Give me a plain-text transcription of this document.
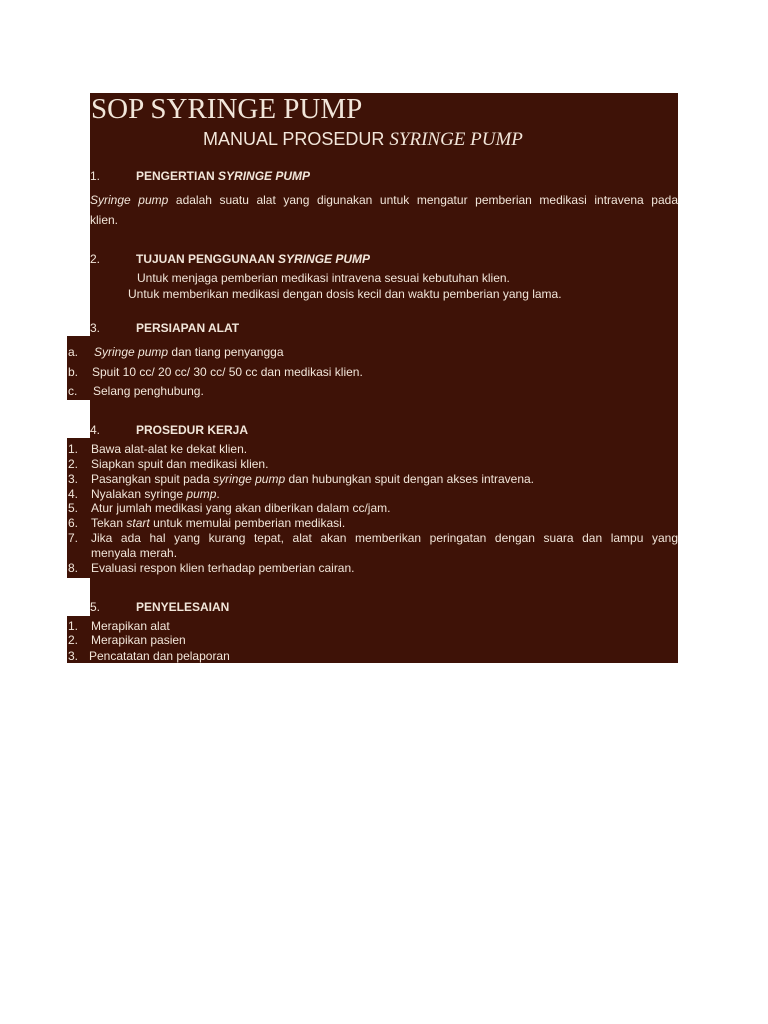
SOP SYRINGE PUMP
MANUAL PROSEDUR SYRINGE PUMP
1.	PENGERTIAN SYRINGE PUMP
Syringe pump adalah suatu alat yang digunakan untuk mengatur pemberian medikasi intravena pada
klien.
2.	TUJUAN PENGGUNAAN SYRINGE PUMP
Untuk menjaga pemberian medikasi intravena sesuai kebutuhan klien.
Untuk memberikan medikasi dengan dosis kecil dan waktu pemberian yang lama.
3.	PERSIAPAN ALAT
a. Syringe pump dan tiang penyangga
b. Spuit 10 cc/ 20 cc/ 30 cc/ 50 cc dan medikasi klien.
c. Selang penghubung.
4.	PROSEDUR KERJA
1. Bawa alat-alat ke dekat klien.
2. Siapkan spuit dan medikasi klien.
3. Pasangkan spuit pada syringe pump dan hubungkan spuit dengan akses intravena.
4. Nyalakan syringe pump.
5. Atur jumlah medikasi yang akan diberikan dalam cc/jam.
6. Tekan start untuk memulai pemberian medikasi.
7. Jika ada hal yang kurang tepat, alat akan memberikan peringatan dengan suara dan lampu yang
menyala merah.
8. Evaluasi respon klien terhadap pemberian cairan.
5.	PENYELESAIAN
1. Merapikan alat
2. Merapikan pasien
3. Pencatatan dan pelaporan
